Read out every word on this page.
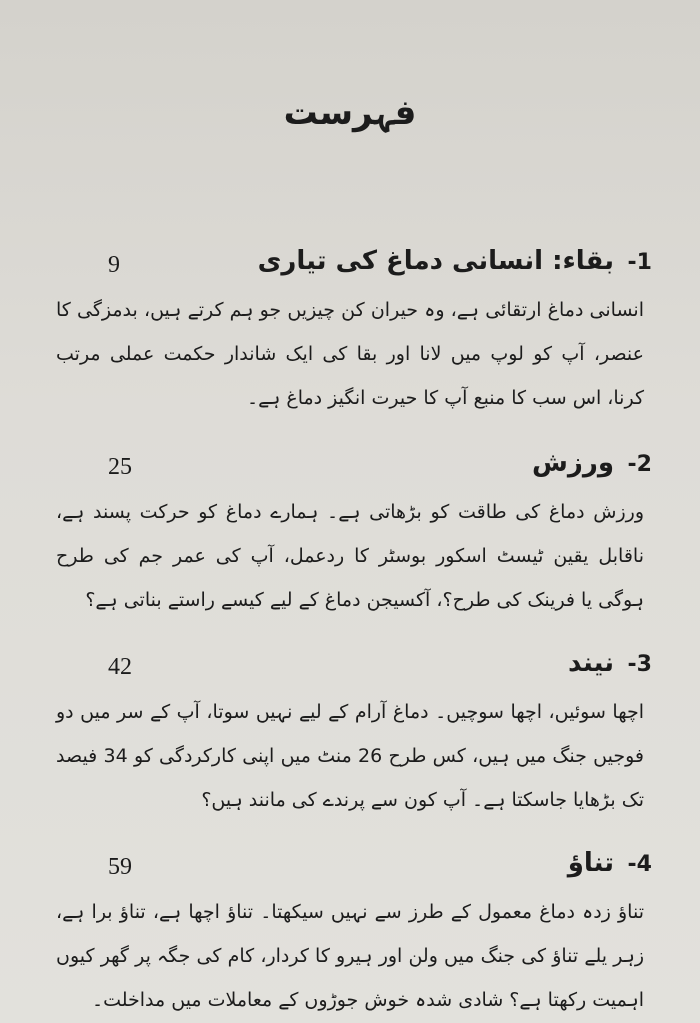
فہرست
-1
بقاء: انسانی دماغ کی تیاری
9

انسانی دماغ ارتقائی ہے، وہ حیران کن چیزیں جو ہم کرتے ہیں، بدمزگی کا عنصر، آپ کو لوپ میں لانا اور بقا کی ایک شاندار حکمت عملی مرتب کرنا، اس سب کا منبع آپ کا حیرت انگیز دماغ ہے۔

-2
ورزش
25

ورزش دماغ کی طاقت کو بڑھاتی ہے۔ ہمارے دماغ کو حرکت پسند ہے، ناقابل یقین ٹیسٹ اسکور بوسٹر کا ردعمل، آپ کی عمر جم کی طرح ہوگی یا فرینک کی طرح؟، آکسیجن دماغ کے لیے کیسے راستے بناتی ہے؟

-3
نیند
42

اچھا سوئیں، اچھا سوچیں۔ دماغ آرام کے لیے نہیں سوتا، آپ کے سر میں دو فوجیں جنگ میں ہیں، کس طرح 26 منٹ میں اپنی کارکردگی کو 34 فیصد تک بڑھایا جاسکتا ہے۔ آپ کون سے پرندے کی مانند ہیں؟

-4
تناؤ
59

تناؤ زدہ دماغ معمول کے طرز سے نہیں سیکھتا۔ تناؤ اچھا ہے، تناؤ برا ہے، زہر یلے تناؤ کی جنگ میں ولن اور ہیرو کا کردار، کام کی جگہ پر گھر کیوں اہمیت رکھتا ہے؟ شادی شدہ خوش جوڑوں کے معاملات میں مداخلت۔
